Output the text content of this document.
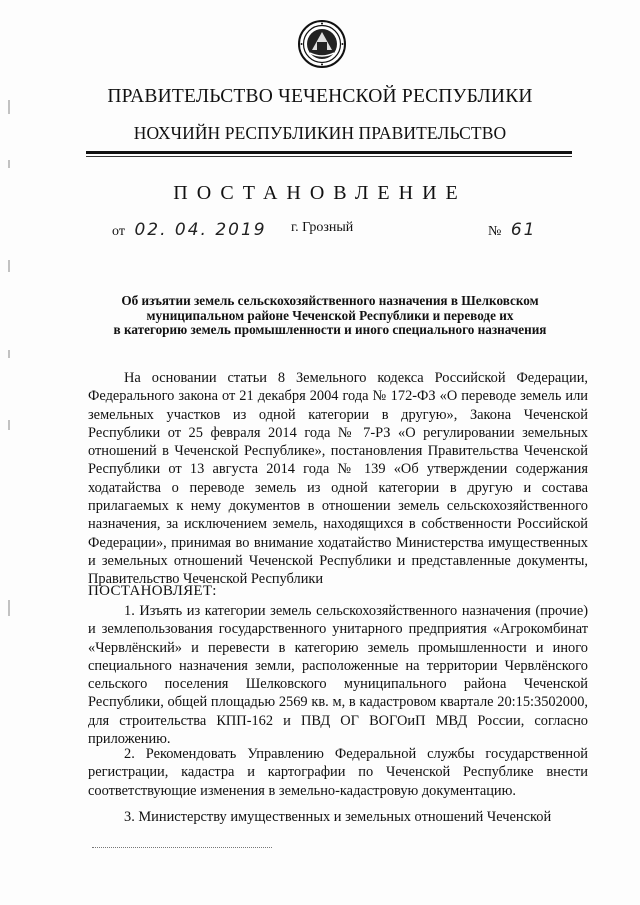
ПРАВИТЕЛЬСТВО ЧЕЧЕНСКОЙ РЕСПУБЛИКИ
НОХЧИЙН РЕСПУБЛИКИН ПРАВИТЕЛЬСТВО
ПОСТАНОВЛЕНИЕ
от 02. 04. 2019 г. Грозный	№ 61
Об изъятии земель сельскохозяйственного назначения в Шелковском
муниципальном районе Чеченской Республики и переводе их
в категорию земель промышленности и иного специального назначения
На основании статьи 8 Земельного кодекса Российской Федерации, Федерального закона от 21 декабря 2004 года № 172-ФЗ «О переводе земель или земельных участков из одной категории в другую», Закона Чеченской Республики от 25 февраля 2014 года № 7-РЗ «О регулировании земельных отношений в Чеченской Республике», постановления Правительства Чеченской Республики от 13 августа 2014 года № 139 «Об утверждении содержания ходатайства о переводе земель из одной категории в другую и состава прилагаемых к нему документов в отношении земель сельскохозяйственного назначения, за исключением земель, находящихся в собственности Российской Федерации», принимая во внимание ходатайство Министерства имущественных и земельных отношений Чеченской Республики и представленные документы, Правительство Чеченской Республики
ПОСТАНОВЛЯЕТ:
1. Изъять из категории земель сельскохозяйственного назначения (прочие) и землепользования государственного унитарного предприятия «Агрокомбинат «Червлёнский» и перевести в категорию земель промышленности и иного специального назначения земли, расположенные на территории Червлёнского сельского поселения Шелковского муниципального района Чеченской Республики, общей площадью 2569 кв. м, в кадастровом квартале 20:15:3502000, для строительства КПП-162 и ПВД ОГ ВОГОиП МВД России, согласно приложению.
2. Рекомендовать Управлению Федеральной службы государственной регистрации, кадастра и картографии по Чеченской Республике внести соответствующие изменения в земельно-кадастровую документацию.
3. Министерству имущественных и земельных отношений Чеченской
